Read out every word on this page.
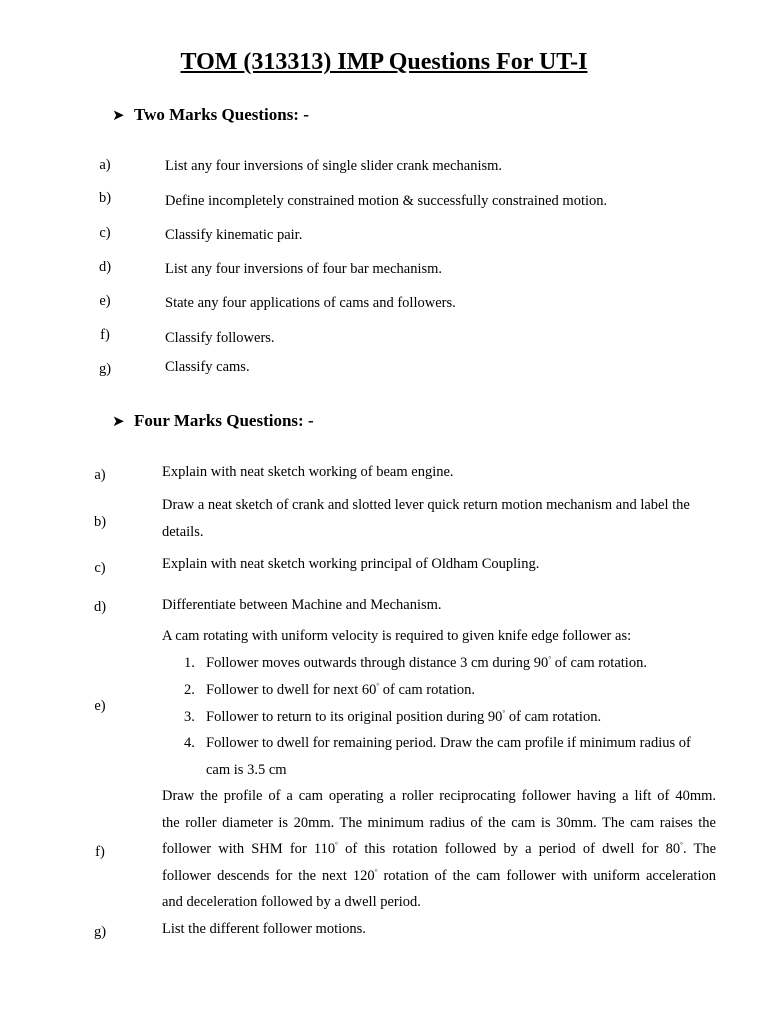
TOM (313313) IMP Questions For UT-I
➤ Two Marks Questions: -
a)	List any four inversions of single slider crank mechanism.
b)	Define incompletely constrained motion & successfully constrained motion.
c)	Classify kinematic pair.
d)	List any four inversions of four bar mechanism.
e)	State any four applications of cams and followers.
f)	Classify followers.
g)	Classify cams.
➤ Four Marks Questions: -
a)	Explain with neat sketch working of beam engine.
b)
Draw a neat sketch of crank and slotted lever quick return motion mechanism and label the
details.
c)	Explain with neat sketch working principal of Oldham Coupling.
d)	Differentiate between Machine and Mechanism.
e)
A cam rotating with uniform velocity is required to given knife edge follower as:
1. Follower moves outwards through distance 3 cm during 90° of cam rotation.
2. Follower to dwell for next 60° of cam rotation.
3. Follower to return to its original position during 90° of cam rotation.
4. Follower to dwell for remaining period. Draw the cam profile if minimum radius of
cam is 3.5 cm
f)
Draw the profile of a cam operating a roller reciprocating follower having a lift of 40mm.
the roller diameter is 20mm. The minimum radius of the cam is 30mm. The cam raises the
follower with SHM for 110° of this rotation followed by a period of dwell for 80°. The
follower descends for the next 120° rotation of the cam follower with uniform acceleration
and deceleration followed by a dwell period.
g)	List the different follower motions.
